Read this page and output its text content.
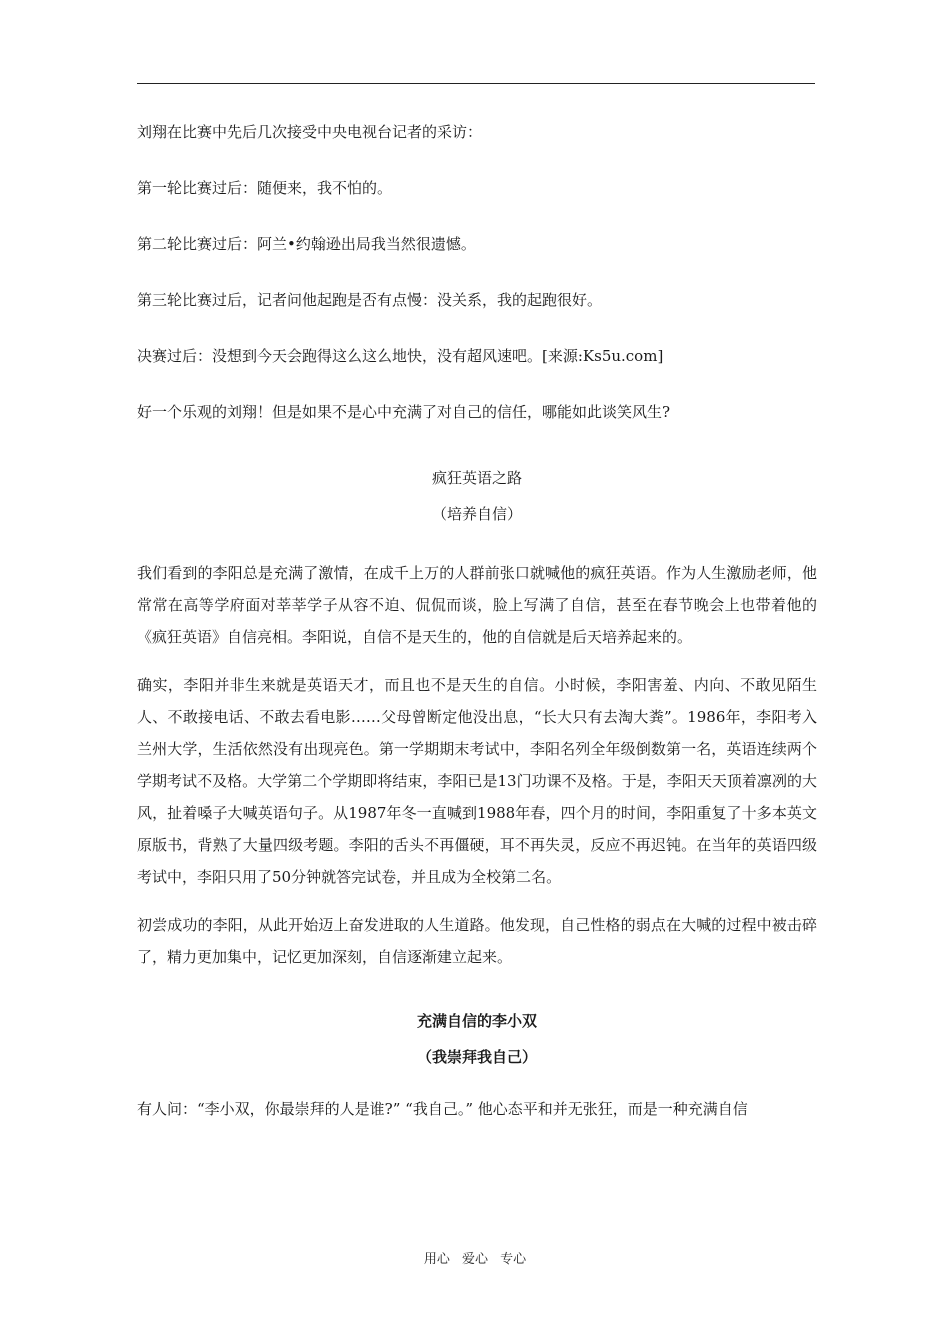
刘翔在比赛中先后几次接受中央电视台记者的采访：

第一轮比赛过后：随便来，我不怕的。

第二轮比赛过后：阿兰•约翰逊出局我当然很遗憾。

第三轮比赛过后，记者问他起跑是否有点慢：没关系，我的起跑很好。

决赛过后：没想到今天会跑得这么这么地快，没有超风速吧。[来源:Ks5u.com]

好一个乐观的刘翔！但是如果不是心中充满了对自己的信任，哪能如此谈笑风生?

疯狂英语之路

（培养自信）

我们看到的李阳总是充满了激情，在成千上万的人群前张口就喊他的疯狂英语。作为人生激励老师，他常常在高等学府面对莘莘学子从容不迫、侃侃而谈，脸上写满了自信，甚至在春节晚会上也带着他的《疯狂英语》自信亮相。李阳说，自信不是天生的，他的自信就是后天培养起来的。

确实，李阳并非生来就是英语天才，而且也不是天生的自信。小时候，李阳害羞、内向、不敢见陌生人、不敢接电话、不敢去看电影……父母曾断定他没出息，“长大只有去淘大粪”。1986年，李阳考入兰州大学，生活依然没有出现亮色。第一学期期末考试中，李阳名列全年级倒数第一名，英语连续两个学期考试不及格。大学第二个学期即将结束，李阳已是13门功课不及格。于是，李阳天天顶着凛冽的大风，扯着嗓子大喊英语句子。从1987年冬一直喊到1988年春，四个月的时间，李阳重复了十多本英文原版书，背熟了大量四级考题。李阳的舌头不再僵硬，耳不再失灵，反应不再迟钝。在当年的英语四级考试中，李阳只用了50分钟就答完试卷，并且成为全校第二名。

初尝成功的李阳，从此开始迈上奋发进取的人生道路。他发现，自己性格的弱点在大喊的过程中被击碎了，精力更加集中，记忆更加深刻，自信逐渐建立起来。

充满自信的李小双

（我崇拜我自己）

有人问：“李小双，你最崇拜的人是谁?” “我自己。” 他心态平和并无张狂，而是一种充满自信

用心 爱心 专心
